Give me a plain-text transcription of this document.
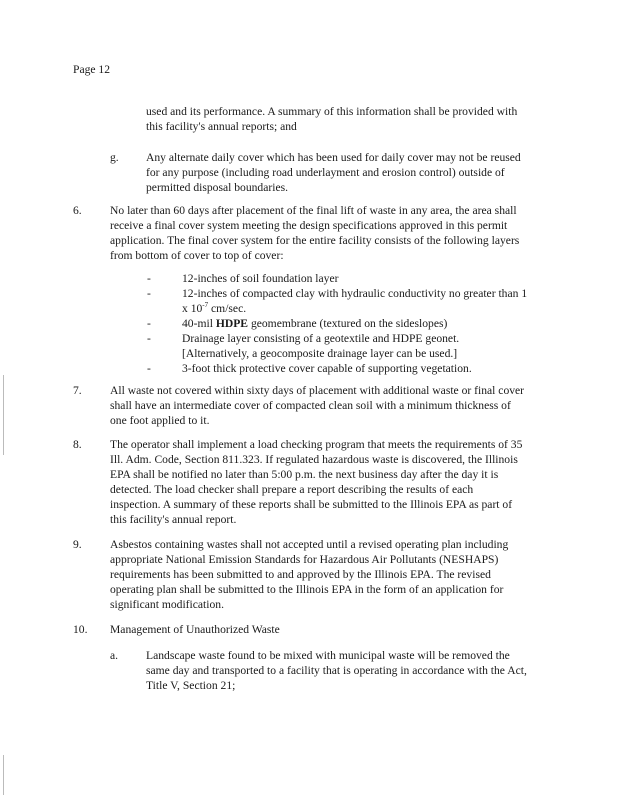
Page 12
used and its performance. A summary of this information shall be provided with
this facility's annual reports; and
g. Any alternate daily cover which has been used for daily cover may not be reused
for any purpose (including road underlayment and erosion control) outside of
permitted disposal boundaries.
6. No later than 60 days after placement of the final lift of waste in any area, the area shall
receive a final cover system meeting the design specifications approved in this permit
application. The final cover system for the entire facility consists of the following layers
from bottom of cover to top of cover:
-	12-inches of soil foundation layer
-	12-inches of compacted clay with hydraulic conductivity no greater than 1
x $10^{-7}$ cm/sec.
-	40-mil HDPE geomembrane (textured on the sideslopes)
-	Drainage layer consisting of a geotextile and HDPE geonet.
[Alternatively, a geocomposite drainage layer can be used.]
-	3-foot thick protective cover capable of supporting vegetation.
7. All waste not covered within sixty days of placement with additional waste or final cover
shall have an intermediate cover of compacted clean soil with a minimum thickness of
one foot applied to it.
8. The operator shall implement a load checking program that meets the requirements of 35
Ill. Adm. Code, Section 811.323. If regulated hazardous waste is discovered, the Illinois
EPA shall be notified no later than 5:00 p.m. the next business day after the day it is
detected. The load checker shall prepare a report describing the results of each
inspection. A summary of these reports shall be submitted to the Illinois EPA as part of
this facility's annual report.
9. Asbestos containing wastes shall not accepted until a revised operating plan including
appropriate National Emission Standards for Hazardous Air Pollutants (NESHAPS)
requirements has been submitted to and approved by the Illinois EPA. The revised
operating plan shall be submitted to the Illinois EPA in the form of an application for
significant modification.
10. Management of Unauthorized Waste
a. Landscape waste found to be mixed with municipal waste will be removed the
same day and transported to a facility that is operating in accordance with the Act,
Title V, Section 21;
